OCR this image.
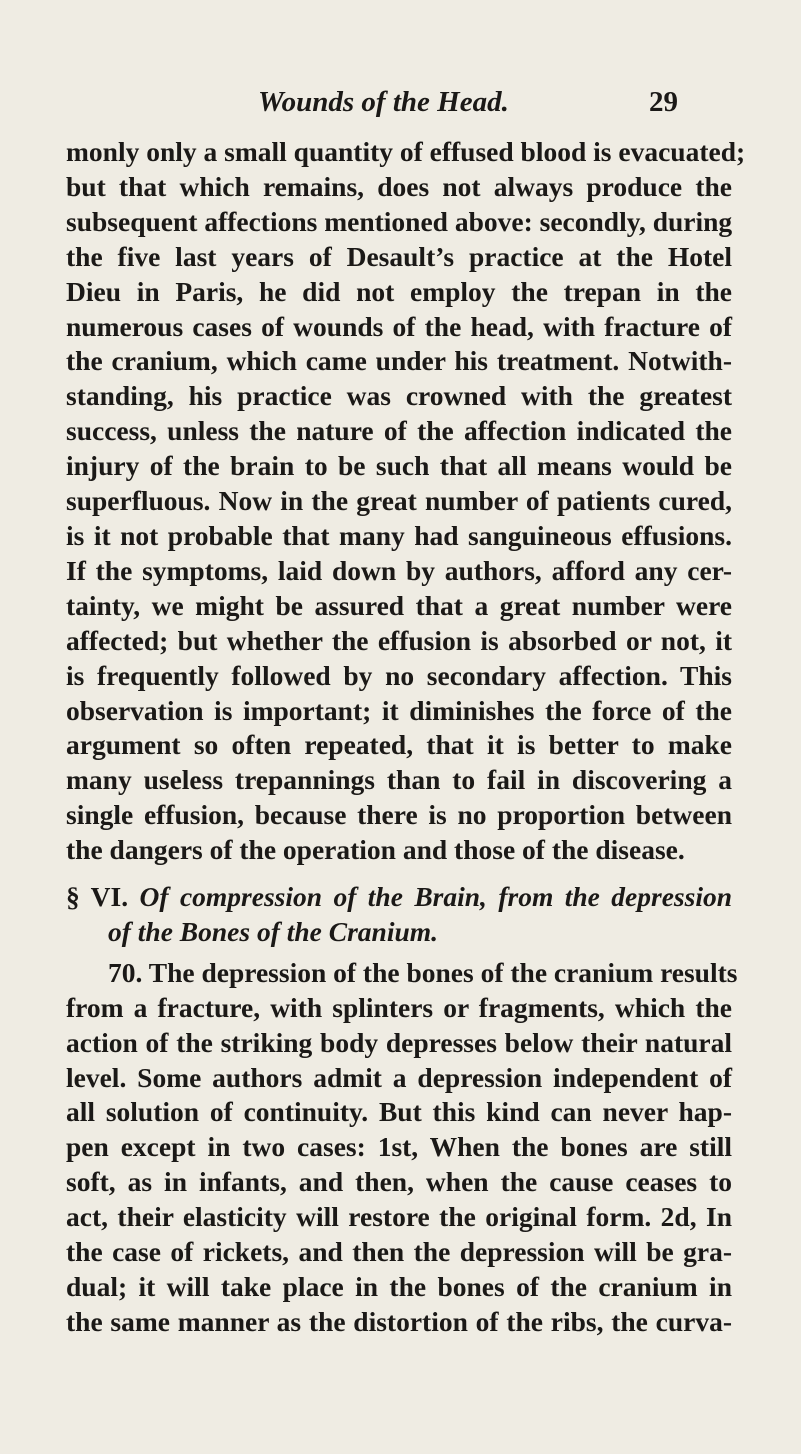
Wounds of the Head.	29

monly only a small quantity of effused blood is evacuated;
but that which remains, does not always produce the
subsequent affections mentioned above: secondly, during
the five last years of Desault’s practice at the Hotel
Dieu in Paris, he did not employ the trepan in the
numerous cases of wounds of the head, with fracture of
the cranium, which came under his treatment. Notwith-
standing, his practice was crowned with the greatest
success, unless the nature of the affection indicated the
injury of the brain to be such that all means would be
superfluous. Now in the great number of patients cured,
is it not probable that many had sanguineous effusions.
If the symptoms, laid down by authors, afford any cer-
tainty, we might be assured that a great number were
affected; but whether the effusion is absorbed or not, it
is frequently followed by no secondary affection. This
observation is important; it diminishes the force of the
argument so often repeated, that it is better to make
many useless trepannings than to fail in discovering a
single effusion, because there is no proportion between
the dangers of the operation and those of the disease.

§ VI. Of compression of the Brain, from the depression
of the Bones of the Cranium.

70. The depression of the bones of the cranium results
from a fracture, with splinters or fragments, which the
action of the striking body depresses below their natural
level. Some authors admit a depression independent of
all solution of continuity. But this kind can never hap-
pen except in two cases: 1st, When the bones are still
soft, as in infants, and then, when the cause ceases to
act, their elasticity will restore the original form. 2d, In
the case of rickets, and then the depression will be gra-
dual; it will take place in the bones of the cranium in
the same manner as the distortion of the ribs, the curva-
